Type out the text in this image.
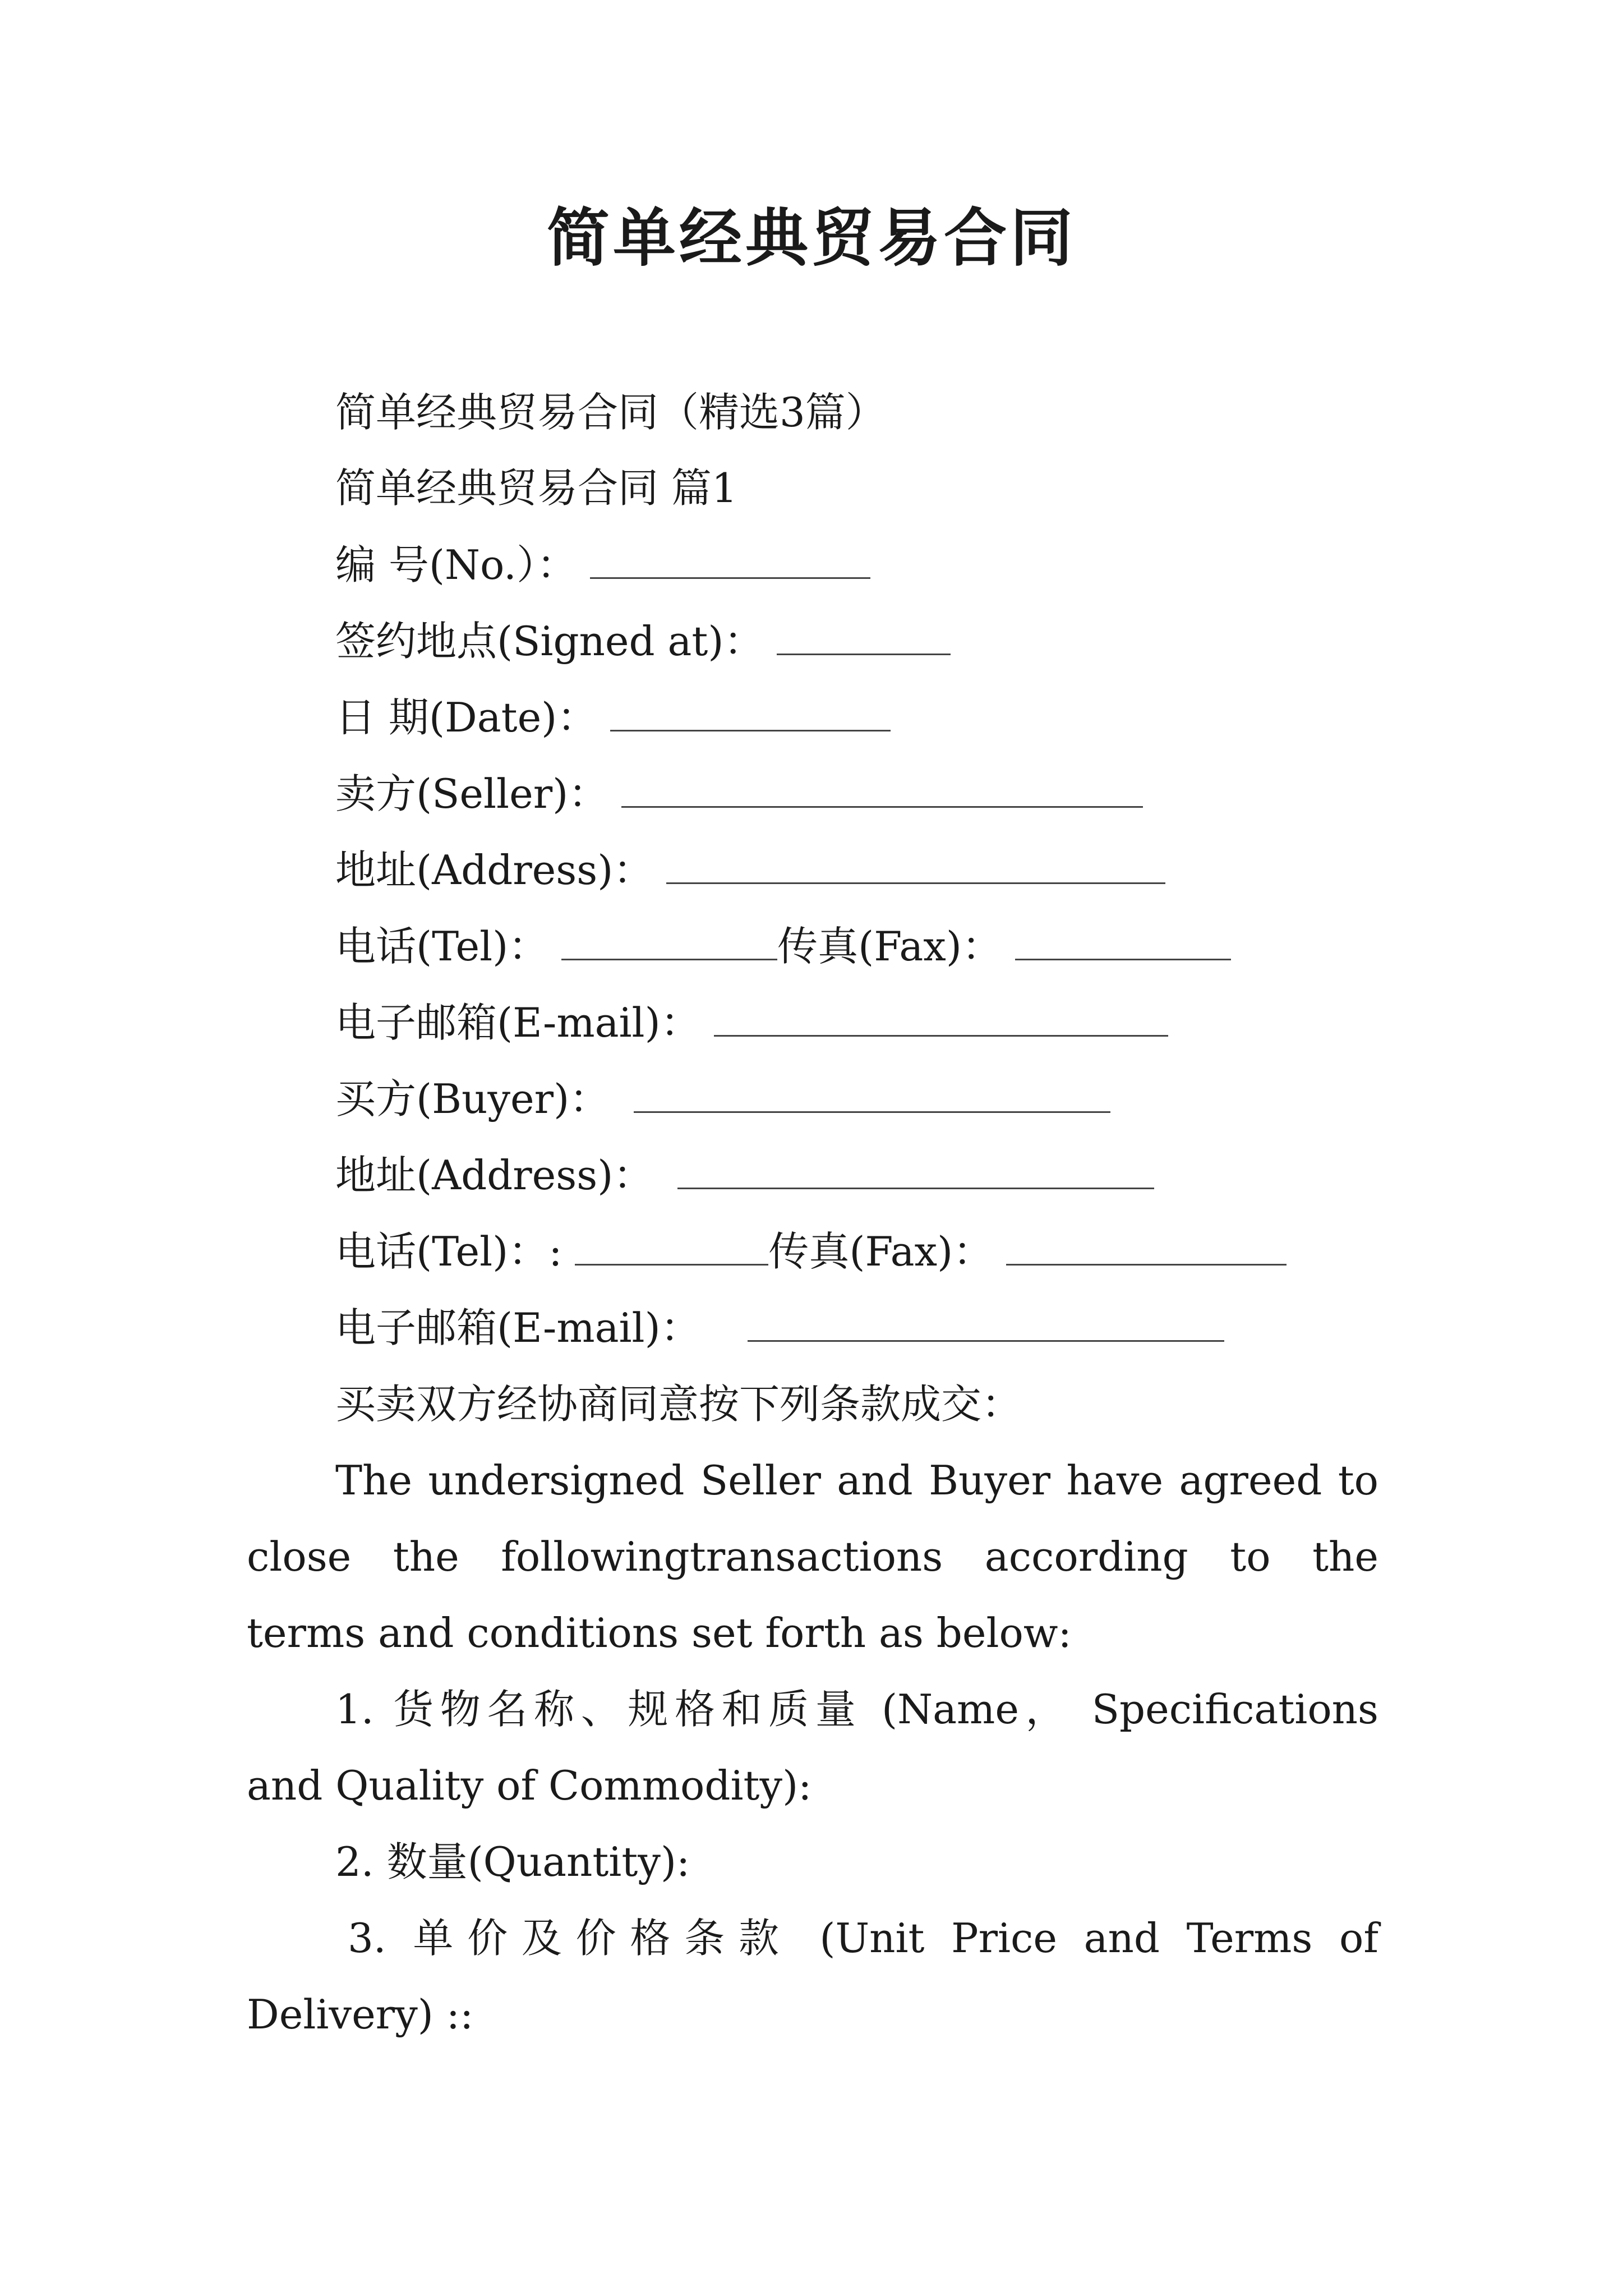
简单经典贸易合同
简单经典贸易合同（精选3篇）
简单经典贸易合同 篇1
编 号(No.）：
签约地点(Signed at)：
日 期(Date)：
卖方(Seller)：
地址(Address)：
电话(Tel)：	传真(Fax)：
电子邮箱(E-mail)：
买方(Buyer)：
地址(Address)：
电话(Tel)：:	传真(Fax)：
电子邮箱(E-mail)：
买卖双方经协商同意按下列条款成交：
The undersigned Seller and Buyer have agreed to
close the followingtransactions according to the
terms and conditions set forth as below:
1. 货物名称、规格和质量 (Name， Specifications
and Quality of Commodity):
2. 数量(Quantity):
3. 单价及价格条款 (Unit Price and Terms of
Delivery) ::
